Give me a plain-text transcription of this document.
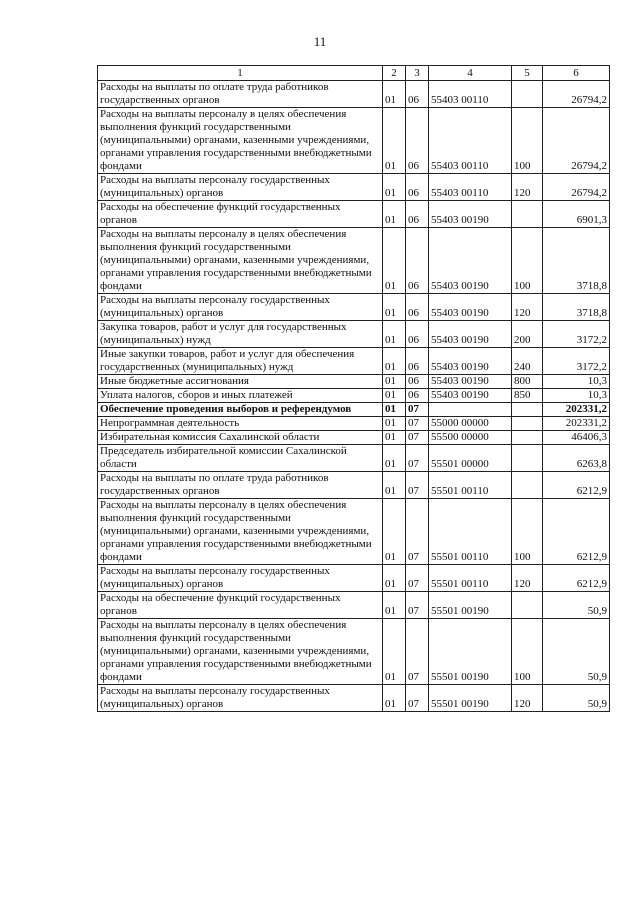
11
1	2	3	4	5	6
Расходы на выплаты по оплате труда работников государственных органов	01	06	55403 00110		26794,2
Расходы на выплаты персоналу в целях обеспечения выполнения функций государственными (муниципальными) органами, казенными учреждениями, органами управления государственными внебюджетными фондами	01	06	55403 00110	100	26794,2
Расходы на выплаты персоналу государственных (муниципальных) органов	01	06	55403 00110	120	26794,2
Расходы на обеспечение функций государственных органов	01	06	55403 00190		6901,3
Расходы на выплаты персоналу в целях обеспечения выполнения функций государственными (муниципальными) органами, казенными учреждениями, органами управления государственными внебюджетными фондами	01	06	55403 00190	100	3718,8
Расходы на выплаты персоналу государственных (муниципальных) органов	01	06	55403 00190	120	3718,8
Закупка товаров, работ и услуг для государственных (муниципальных) нужд	01	06	55403 00190	200	3172,2
Иные закупки товаров, работ и услуг для обеспечения государственных (муниципальных) нужд	01	06	55403 00190	240	3172,2
Иные бюджетные ассигнования	01	06	55403 00190	800	10,3
Уплата налогов, сборов и иных платежей	01	06	55403 00190	850	10,3
Обеспечение проведения выборов и референдумов	01	07			202331,2
Непрограммная деятельность	01	07	55000 00000		202331,2
Избирательная комиссия Сахалинской области	01	07	55500 00000		46406,3
Председатель избирательной комиссии Сахалинской области	01	07	55501 00000		6263,8
Расходы на выплаты по оплате труда работников государственных органов	01	07	55501 00110		6212,9
Расходы на выплаты персоналу в целях обеспечения выполнения функций государственными (муниципальными) органами, казенными учреждениями, органами управления государственными внебюджетными фондами	01	07	55501 00110	100	6212,9
Расходы на выплаты персоналу государственных (муниципальных) органов	01	07	55501 00110	120	6212,9
Расходы на обеспечение функций государственных органов	01	07	55501 00190		50,9
Расходы на выплаты персоналу в целях обеспечения выполнения функций государственными (муниципальными) органами, казенными учреждениями, органами управления государственными внебюджетными фондами	01	07	55501 00190	100	50,9
Расходы на выплаты персоналу государственных (муниципальных) органов	01	07	55501 00190	120	50,9
